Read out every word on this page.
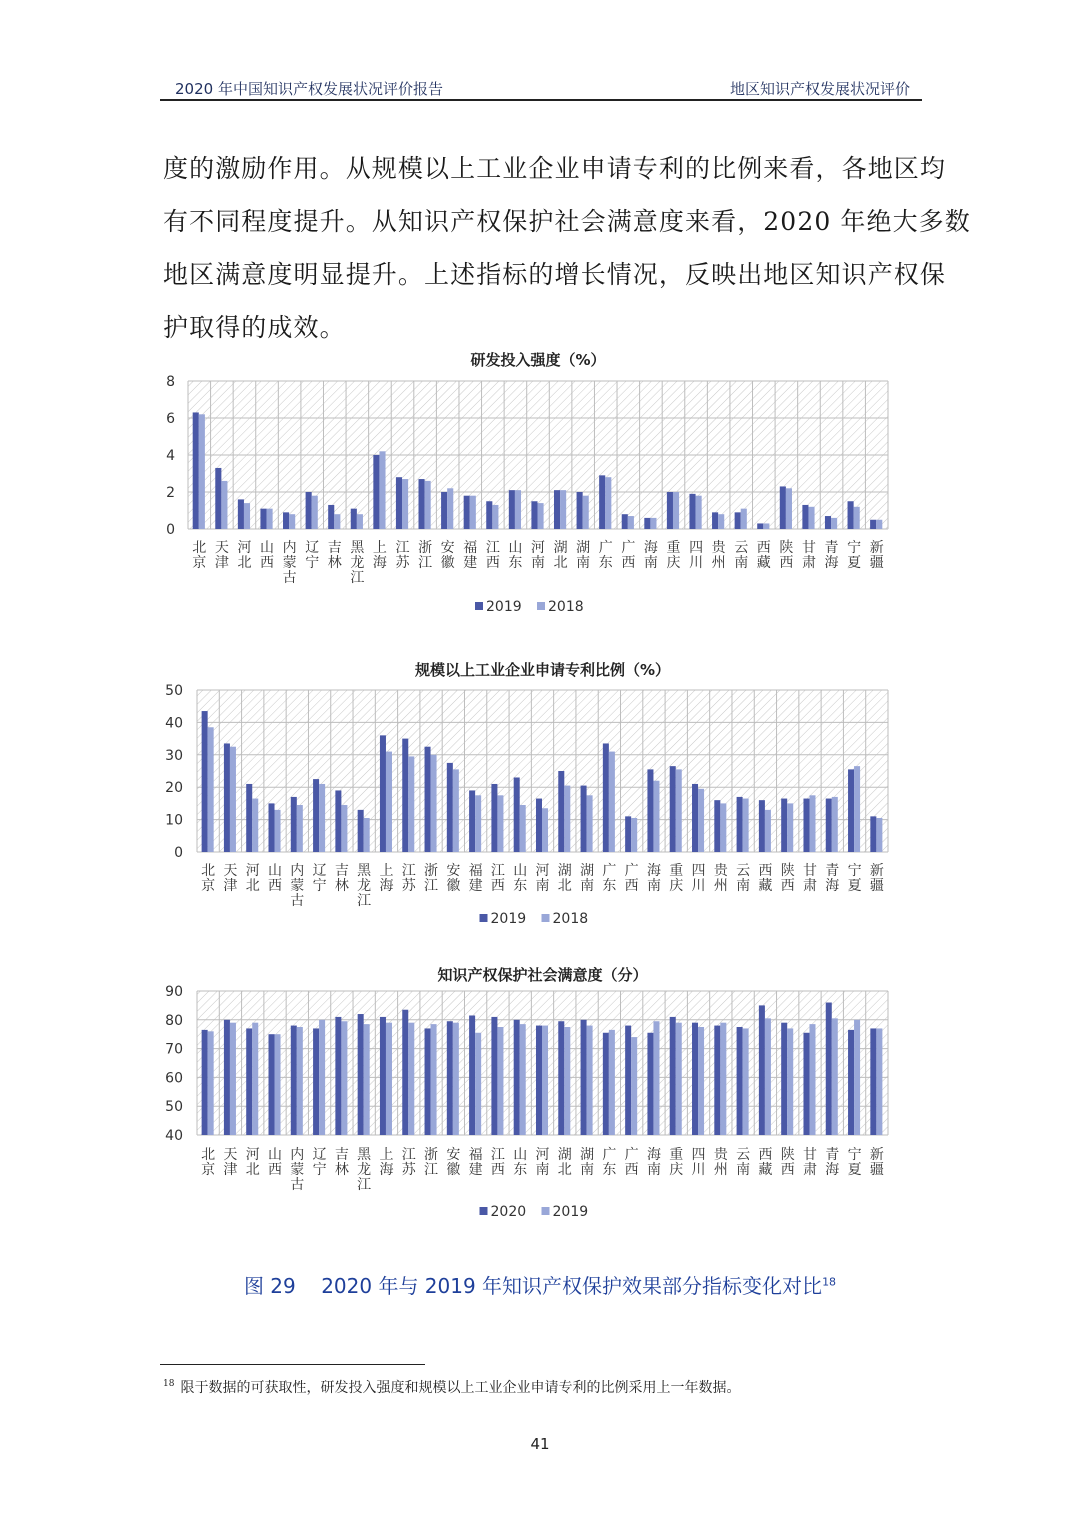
2020 年中国知识产权发展状况评价报告	地区知识产权发展状况评价

度的激励作用。从规模以上工业企业申请专利的比例来看，各地区均
有不同程度提升。从知识产权保护社会满意度来看，2020 年绝大多数
地区满意度明显提升。上述指标的增长情况，反映出地区知识产权保
护取得的成效。

研发投入强度（%）
0
2
4
6
8
北京
天津
河北
山西
内蒙古
辽宁
吉林
黑龙江
上海
江苏
浙江
安徽
福建
江西
山东
河南
湖北
湖南
广东
广西
海南
重庆
四川
贵州
云南
西藏
陕西
甘肃
青海
宁夏
新疆
2019 2018
规模以上工业企业申请专利比例（%）
0
10
20
30
40
50
北京
天津
河北
山西
内蒙古
辽宁
吉林
黑龙江
上海
江苏
浙江
安徽
福建
江西
山东
河南
湖北
湖南
广东
广西
海南
重庆
四川
贵州
云南
西藏
陕西
甘肃
青海
宁夏
新疆
2019 2018
知识产权保护社会满意度（分）
40
50
60
70
80
90
北京
天津
河北
山西
内蒙古
辽宁
吉林
黑龙江
上海
江苏
浙江
安徽
福建
江西
山东
河南
湖北
湖南
广东
广西
海南
重庆
四川
贵州
云南
西藏
陕西
甘肃
青海
宁夏
新疆
2020 2019
图 29 2020 年与 2019 年知识产权保护效果部分指标变化对比$^{18}$

$^{18}$ 限于数据的可获取性，研发投入强度和规模以上工业企业申请专利的比例采用上一年数据。

41
